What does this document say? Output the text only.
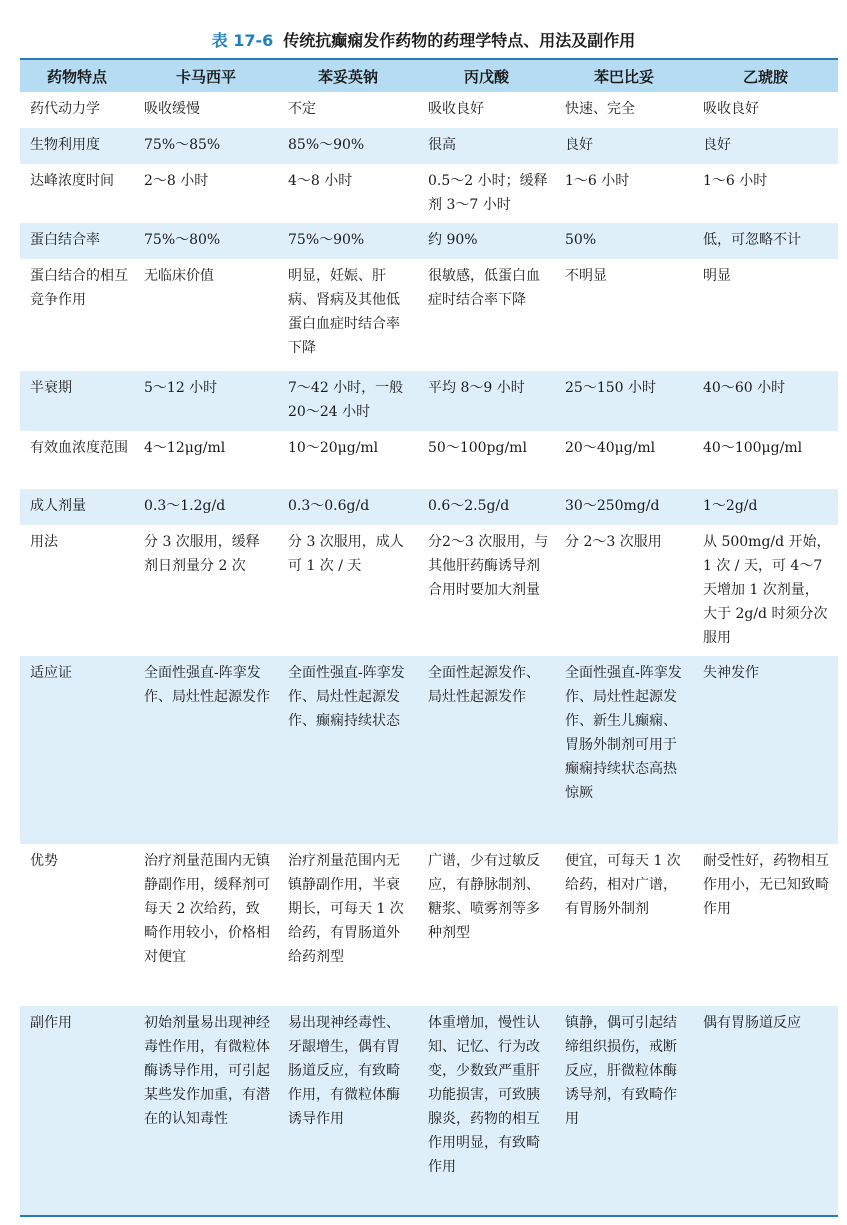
表 17-6 传统抗癫痫发作药物的药理学特点、用法及副作用
药物特点	卡马西平	苯妥英钠	丙戊酸	苯巴比妥	乙琥胺
药代动力学	吸收缓慢	不定	吸收良好	快速、完全	吸收良好
生物利用度	75%～85%	85%～90%	很高	良好	良好
达峰浓度时间	2～8 小时	4～8 小时	0.5～2 小时；缓释剂 3～7 小时	1～6 小时	1～6 小时
蛋白结合率	75%～80%	75%～90%	约 90%	50%	低，可忽略不计
蛋白结合的相互竞争作用	无临床价值	明显，妊娠、肝病、肾病及其他低蛋白血症时结合率下降	很敏感，低蛋白血症时结合率下降	不明显	明显
半衰期	5～12 小时	7～42 小时，一般 20～24 小时	平均 8～9 小时	25～150 小时	40～60 小时
有效血浓度范围	4～12μg/ml	10～20μg/ml	50～100pg/ml	20～40μg/ml	40～100μg/ml
成人剂量	0.3～1.2g/d	0.3～0.6g/d	0.6～2.5g/d	30～250mg/d	1～2g/d
用法	分 3 次服用，缓释剂日剂量分 2 次	分 3 次服用，成人可 1 次 / 天	分2～3 次服用，与其他肝药酶诱导剂合用时要加大剂量	分 2～3 次服用	从 500mg/d 开始，1 次 / 天，可 4～7 天增加 1 次剂量，大于 2g/d 时须分次服用
适应证	全面性强直-阵挛发作、局灶性起源发作	全面性强直-阵挛发作、局灶性起源发作、癫痫持续状态	全面性起源发作、局灶性起源发作	全面性强直-阵挛发作、局灶性起源发作、新生儿癫痫、胃肠外制剂可用于癫痫持续状态高热惊厥	失神发作
优势	治疗剂量范围内无镇静副作用，缓释剂可每天 2 次给药，致畸作用较小，价格相对便宜	治疗剂量范围内无镇静副作用，半衰期长，可每天 1 次给药，有胃肠道外给药剂型	广谱，少有过敏反应，有静脉制剂、糖浆、喷雾剂等多种剂型	便宜，可每天 1 次给药，相对广谱，有胃肠外制剂	耐受性好，药物相互作用小，无已知致畸作用
副作用	初始剂量易出现神经毒性作用，有微粒体酶诱导作用，可引起某些发作加重，有潜在的认知毒性	易出现神经毒性、牙龈增生，偶有胃肠道反应，有致畸作用，有微粒体酶诱导作用	体重增加，慢性认知、记忆、行为改变，少数致严重肝功能损害，可致胰腺炎，药物的相互作用明显，有致畸作用	镇静，偶可引起结缔组织损伤，戒断反应，肝微粒体酶诱导剂，有致畸作用	偶有胃肠道反应
